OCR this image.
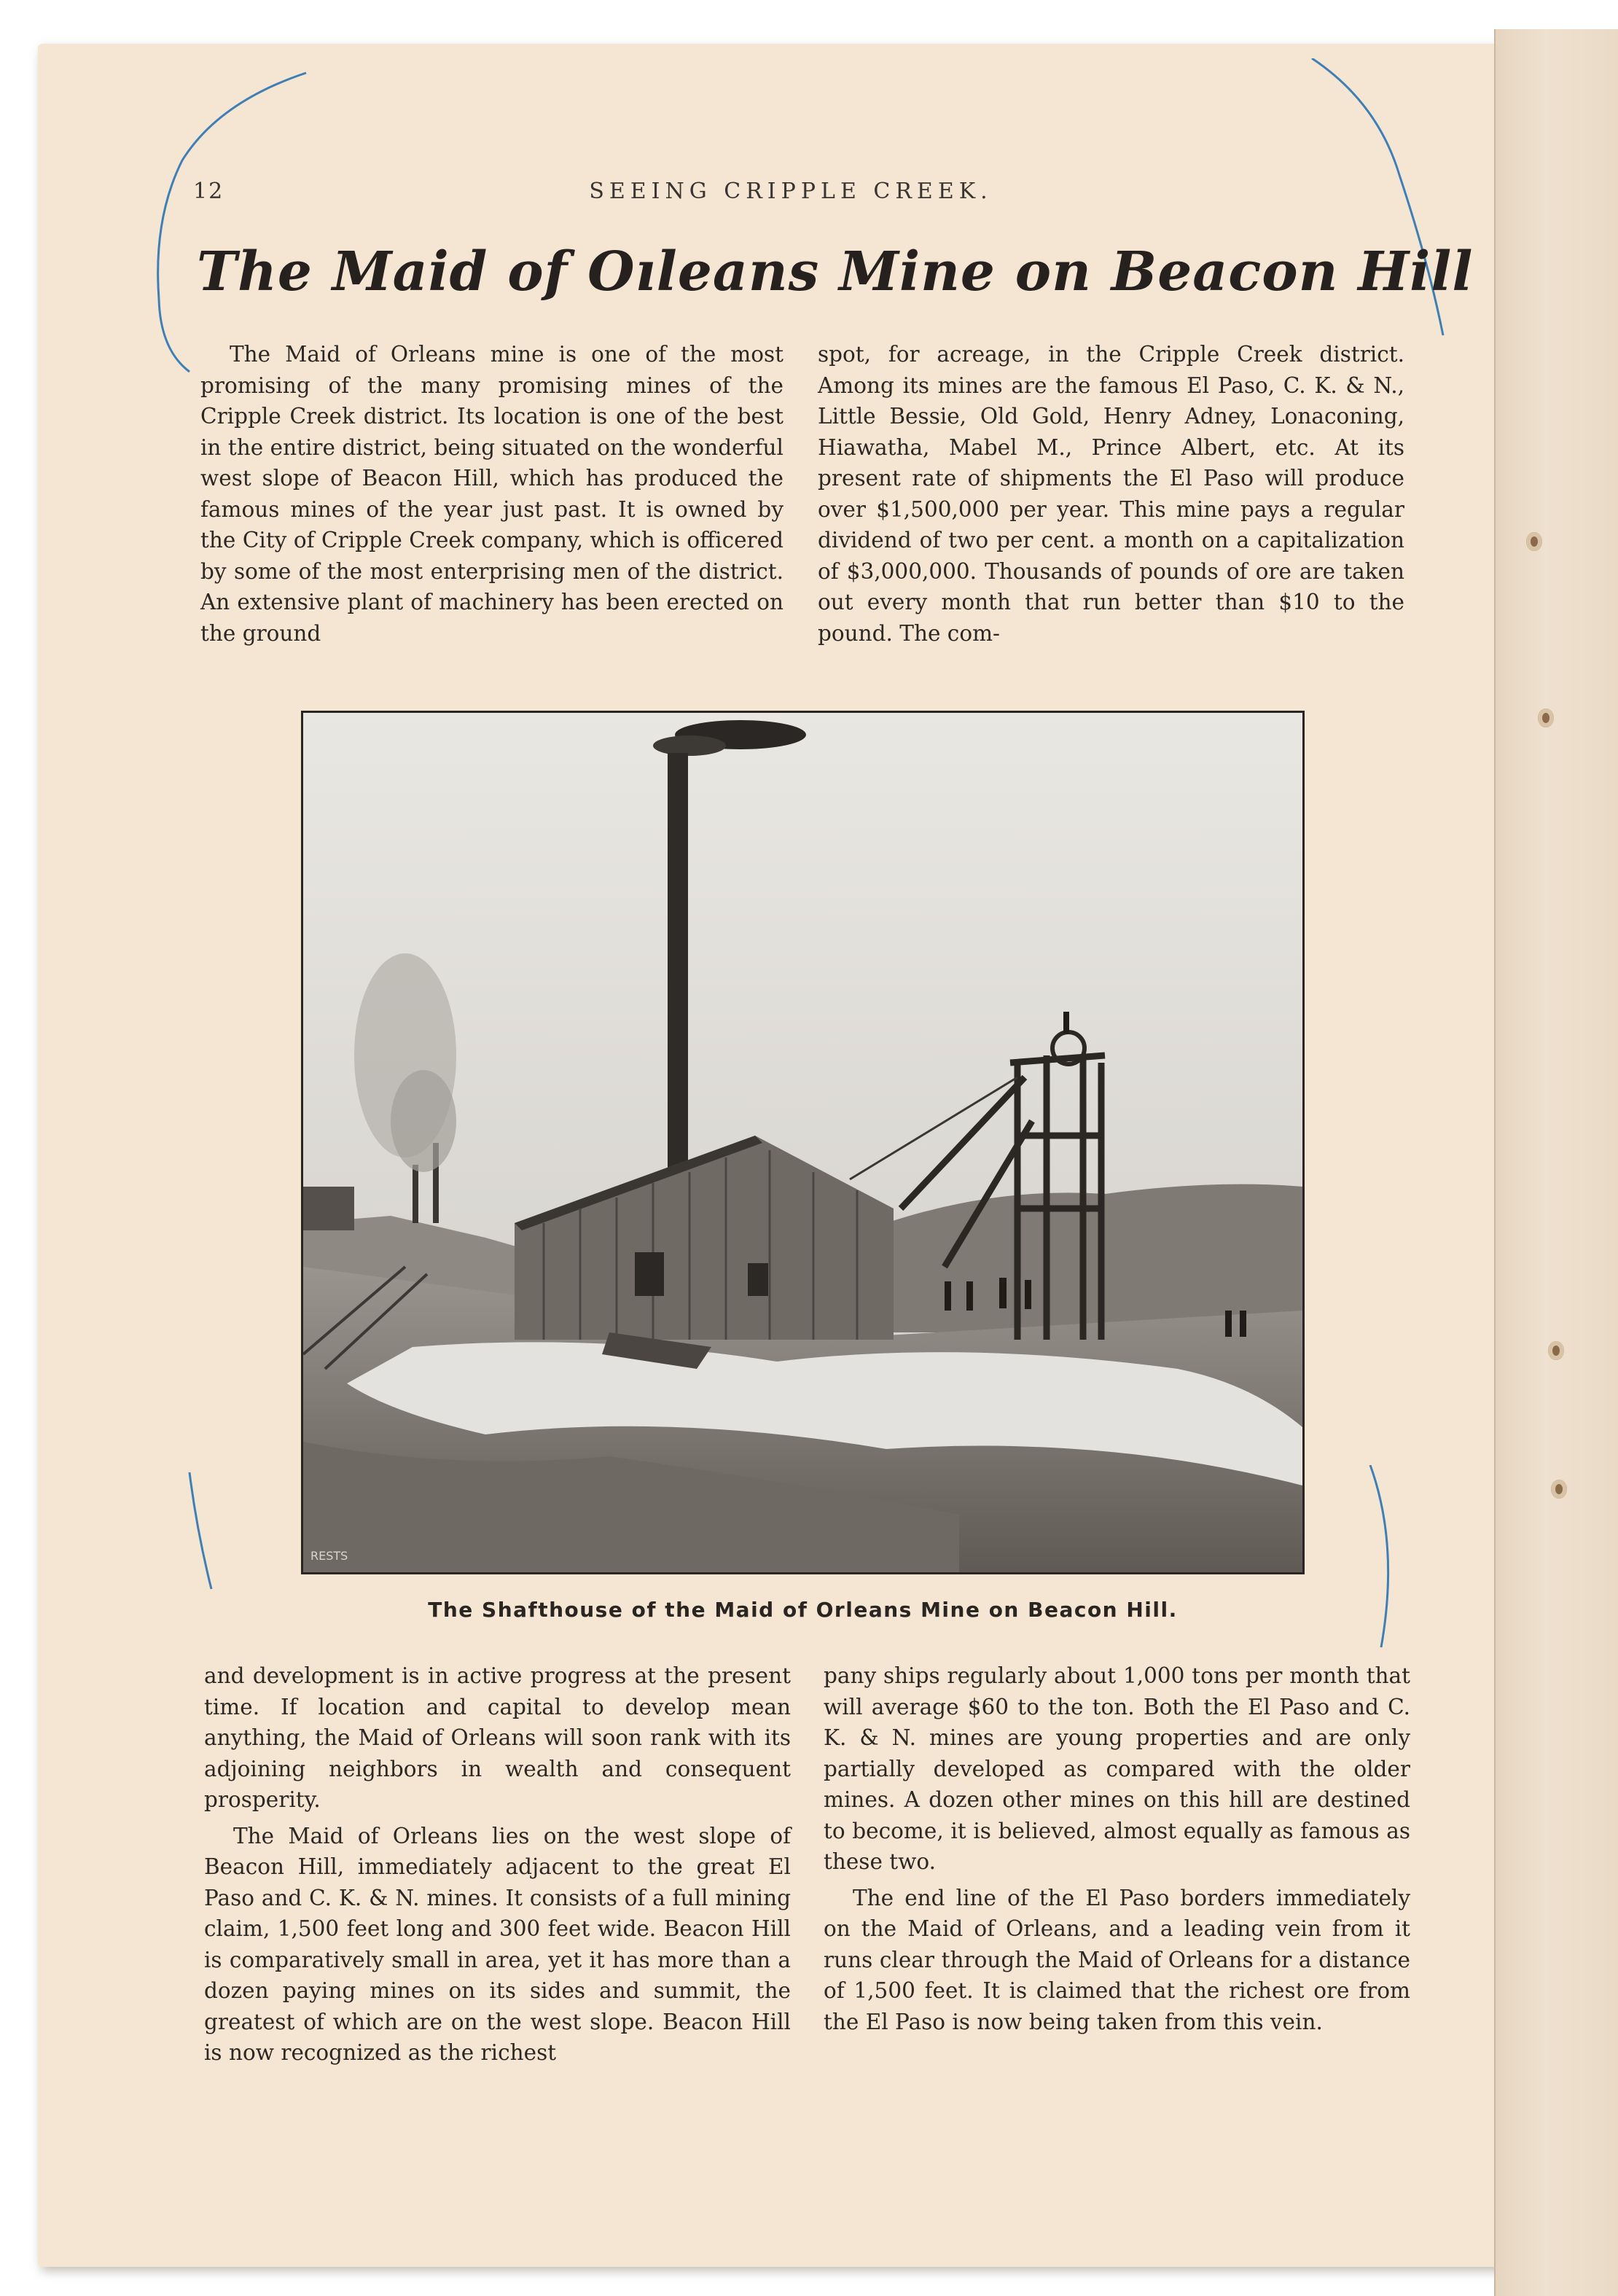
12	SEEING CRIPPLE CREEK.
The Maid of Oıleans Mine on Beacon Hill

The Maid of Orleans mine is one of the most promising of the many promising mines of the Cripple Creek district. Its location is one of the best in the entire district, being situated on the wonderful west slope of Beacon Hill, which has produced the famous mines of the year just past. It is owned by the City of Cripple Creek company, which is officered by some of the most enterprising men of the district. An extensive plant of machinery has been erected on the ground

spot, for acreage, in the Cripple Creek district. Among its mines are the famous El Paso, C. K. & N., Little Bessie, Old Gold, Henry Adney, Lonaconing, Hiawatha, Mabel M., Prince Albert, etc. At its present rate of shipments the El Paso will produce over $1,500,000 per year. This mine pays a regular dividend of two per cent. a month on a capitalization of $3,000,000. Thousands of pounds of ore are taken out every month that run better than $10 to the pound. The com-

RESTS
The Shafthouse of the Maid of Orleans Mine on Beacon Hill.

and development is in active progress at the present time. If location and capital to develop mean anything, the Maid of Orleans will soon rank with its adjoining neighbors in wealth and consequent prosperity.

The Maid of Orleans lies on the west slope of Beacon Hill, immediately adjacent to the great El Paso and C. K. & N. mines. It consists of a full mining claim, 1,500 feet long and 300 feet wide. Beacon Hill is comparatively small in area, yet it has more than a dozen paying mines on its sides and summit, the greatest of which are on the west slope. Beacon Hill is now recognized as the richest

pany ships regularly about 1,000 tons per month that will average $60 to the ton. Both the El Paso and C. K. & N. mines are young properties and are only partially developed as compared with the older mines. A dozen other mines on this hill are destined to become, it is believed, almost equally as famous as these two.

The end line of the El Paso borders immediately on the Maid of Orleans, and a leading vein from it runs clear through the Maid of Orleans for a distance of 1,500 feet. It is claimed that the richest ore from the El Paso is now being taken from this vein.
